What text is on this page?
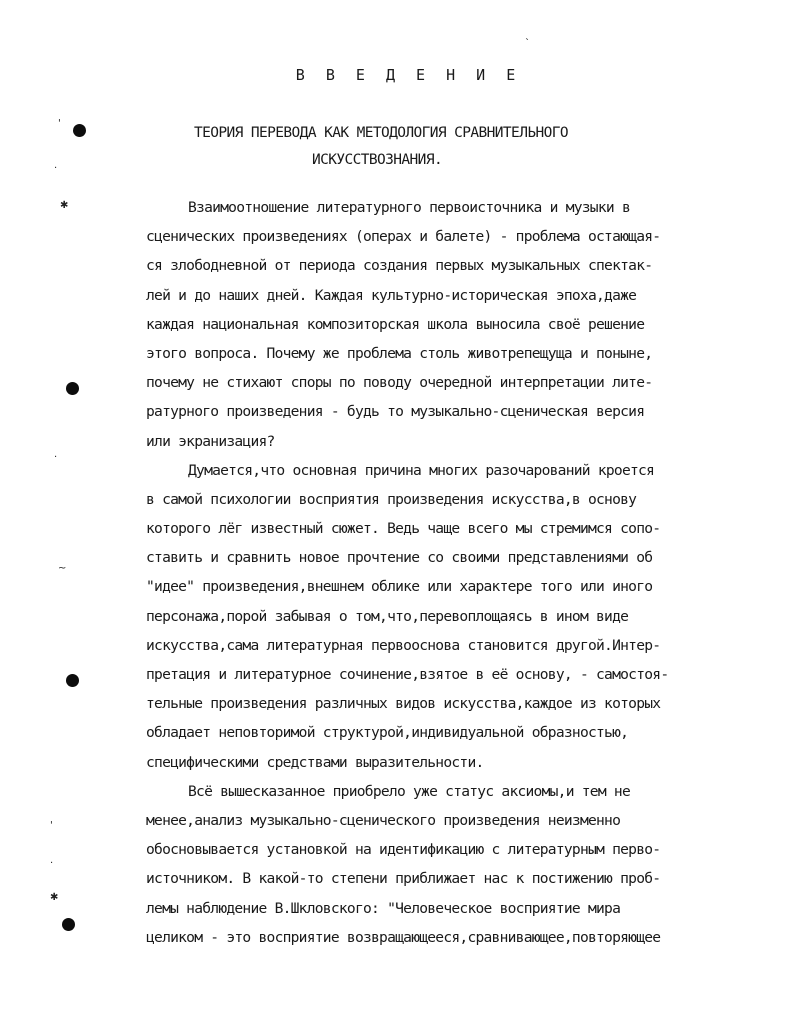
'
·
✱
·
~
'
·
✱
ˋ
В В Е Д Е Н И Е
ТЕОРИЯ ПЕРЕВОДА КАК МЕТОДОЛОГИЯ СРАВНИТЕЛЬНОГО
ИСКУССТВОЗНАНИЯ.
Взаимоотношение литературного первоисточника и музыки в
сценических произведениях (операх и балете) - проблема остающая-
ся злободневной от периода создания первых музыкальных спектак-
лей и до наших дней. Каждая культурно-историческая эпоха,даже
каждая национальная композиторская школа выносила своё решение
этого вопроса. Почему же проблема столь животрепещуща и поныне,
почему не стихают споры по поводу очередной интерпретации лите-
ратурного произведения - будь то музыкально-сценическая версия
или экранизация?
Думается,что основная причина многих разочарований кроется
в самой психологии восприятия произведения искусства,в основу
которого лёг известный сюжет. Ведь чаще всего мы стремимся сопо-
ставить и сравнить новое прочтение со своими представлениями об
"идее" произведения,внешнем облике или характере того или иного
персонажа,порой забывая о том,что,перевоплощаясь в ином виде
искусства,сама литературная первооснова становится другой.Интер-
претация и литературное сочинение,взятое в её основу, - самостоя-
тельные произведения различных видов искусства,каждое из которых
обладает неповторимой структурой,индивидуальной образностью,
специфическими средствами выразительности.
Всё вышесказанное приобрело уже статус аксиомы,и тем не
менее,анализ музыкально-сценического произведения неизменно
обосновывается установкой на идентификацию с литературным перво-
источником. В какой-то степени приближает нас к постижению проб-
лемы наблюдение В.Шкловского: "Человеческое восприятие мира
целиком - это восприятие возвращающееся,сравнивающее,повторяющее
